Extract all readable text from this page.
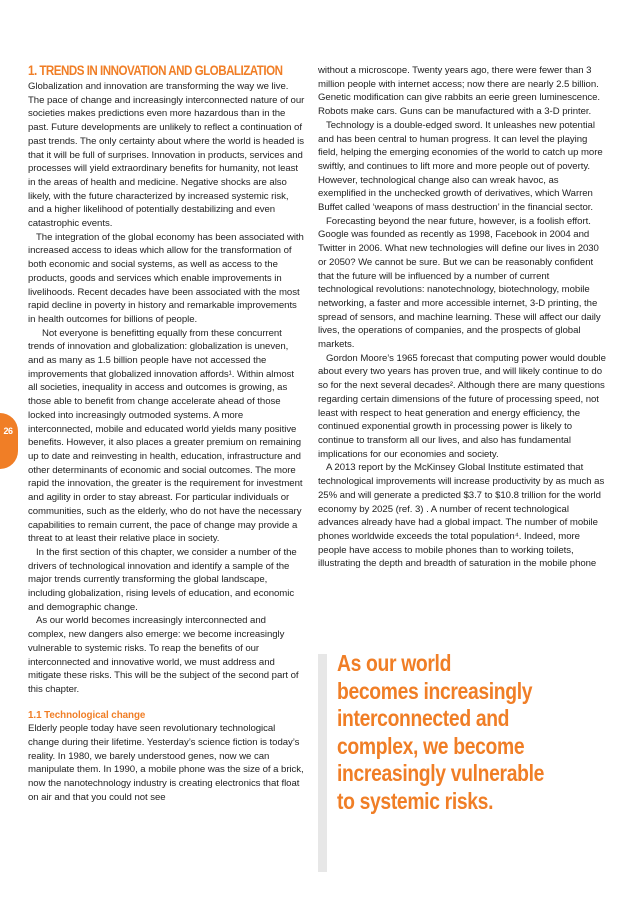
26
1. TRENDS IN INNOVATION AND GLOBALIZATION

Globalization and innovation are transforming the way we live. The pace of change and increasingly interconnected nature of our societies makes predictions even more hazardous than in the past. Future developments are unlikely to reflect a continuation of past trends. The only certainty about where the world is headed is that it will be full of surprises. Innovation in products, services and processes will yield extraordinary benefits for humanity, not least in the areas of health and medicine. Negative shocks are also likely, with the future characterized by increased systemic risk, and a higher likelihood of potentially destabilizing and even catastrophic events.

The integration of the global economy has been associated with increased access to ideas which allow for the transformation of both economic and social systems, as well as access to the products, goods and services which enable improvements in livelihoods. Recent decades have been associated with the most rapid decline in poverty in history and remarkable improvements in health outcomes for billions of people.

Not everyone is benefitting equally from these concurrent trends of innovation and globalization: globalization is uneven, and as many as 1.5 billion people have not accessed the improvements that globalized innovation affords¹. Within almost all societies, inequality in access and outcomes is growing, as those able to benefit from change accelerate ahead of those locked into increasingly outmoded systems. A more interconnected, mobile and educated world yields many positive benefits. However, it also places a greater premium on remaining up to date and reinvesting in health, education, infrastructure and other determinants of economic and social outcomes. The more rapid the innovation, the greater is the requirement for investment and agility in order to stay abreast. For particular individuals or communities, such as the elderly, who do not have the necessary capabilities to remain current, the pace of change may provide a threat to at least their relative place in society.

In the first section of this chapter, we consider a number of the drivers of technological innovation and identify a sample of the major trends currently transforming the global landscape, including globalization, rising levels of education, and economic and demographic change.

As our world becomes increasingly interconnected and complex, new dangers also emerge: we become increasingly vulnerable to systemic risks. To reap the benefits of our interconnected and innovative world, we must address and mitigate these risks. This will be the subject of the second part of this chapter.

1.1 Technological change

Elderly people today have seen revolutionary technological change during their lifetime. Yesterday’s science fiction is today’s reality. In 1980, we barely understood genes, now we can manipulate them. In 1990, a mobile phone was the size of a brick, now the nanotechnology industry is creating electronics that float on air and that you could not see

without a microscope. Twenty years ago, there were fewer than 3 million people with internet access; now there are nearly 2.5 billion. Genetic modification can give rabbits an eerie green luminescence. Robots make cars. Guns can be manufactured with a 3-D printer.

Technology is a double-edged sword. It unleashes new potential and has been central to human progress. It can level the playing field, helping the emerging economies of the world to catch up more swiftly, and continues to lift more and more people out of poverty. However, technological change also can wreak havoc, as exemplified in the unchecked growth of derivatives, which Warren Buffet called ‘weapons of mass destruction’ in the financial sector.

Forecasting beyond the near future, however, is a foolish effort. Google was founded as recently as 1998, Facebook in 2004 and Twitter in 2006. What new technologies will define our lives in 2030 or 2050? We cannot be sure. But we can be reasonably confident that the future will be influenced by a number of current technological revolutions: nanotechnology, biotechnology, mobile networking, a faster and more accessible internet, 3-D printing, the spread of sensors, and machine learning. These will affect our daily lives, the operations of companies, and the prospects of global markets.

Gordon Moore’s 1965 forecast that computing power would double about every two years has proven true, and will likely continue to do so for the next several decades². Although there are many questions regarding certain dimensions of the future of processing speed, not least with respect to heat generation and energy efficiency, the continued exponential growth in processing power is likely to continue to transform all our lives, and also has fundamental implications for our economies and society.

A 2013 report by the McKinsey Global Institute estimated that technological improvements will increase productivity by as much as 25% and will generate a predicted $3.7 to $10.8 trillion for the world economy by 2025 (ref. 3) . A number of recent technological advances already have had a global impact. The number of mobile phones worldwide exceeds the total population⁴. Indeed, more people have access to mobile phones than to working toilets, illustrating the depth and breadth of saturation in the mobile phone

As our world
becomes increasingly
interconnected and
complex, we become
increasingly vulnerable
to systemic risks.
